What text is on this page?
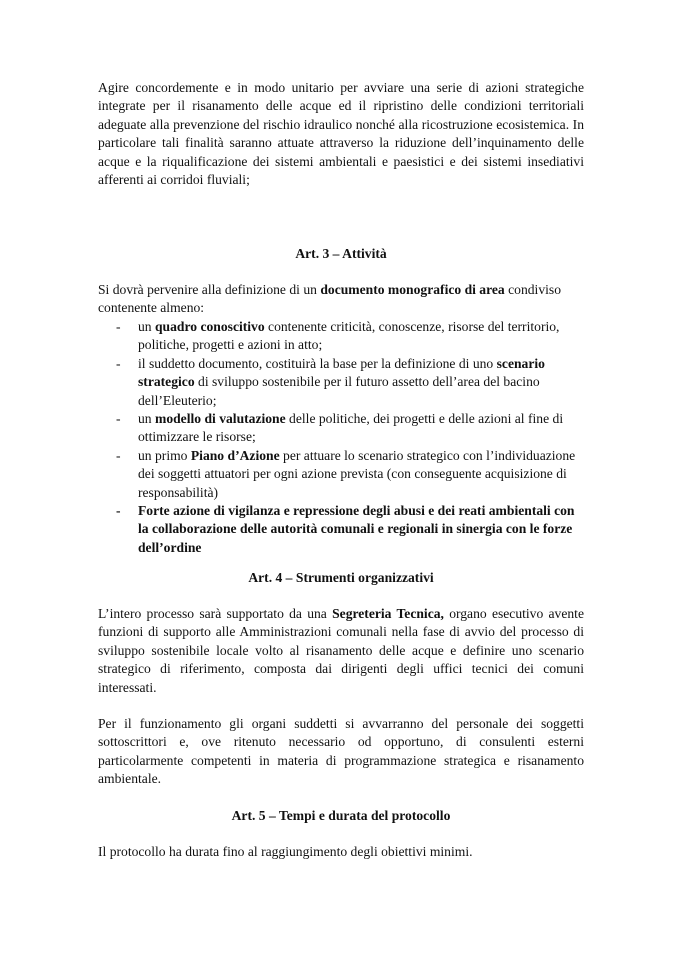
Agire concordemente e in modo unitario per avviare una serie di azioni strategiche integrate per il risanamento delle acque ed il ripristino delle condizioni territoriali adeguate alla prevenzione del rischio idraulico nonché alla ricostruzione ecosistemica. In particolare tali finalità saranno attuate attraverso la riduzione dell’inquinamento delle acque e la riqualificazione dei sistemi ambientali e paesistici e dei sistemi insediativi afferenti ai corridoi fluviali;

Art. 3 – Attività

Si dovrà pervenire alla definizione di un documento monografico di area condiviso contenente almeno:

- un quadro conoscitivo contenente criticità, conoscenze, risorse del territorio, politiche, progetti e azioni in atto;
- il suddetto documento, costituirà la base per la definizione di uno scenario strategico di sviluppo sostenibile per il futuro assetto dell’area del bacino dell’Eleuterio;
- un modello di valutazione delle politiche, dei progetti e delle azioni al fine di ottimizzare le risorse;
- un primo Piano d’Azione per attuare lo scenario strategico con l’individuazione dei soggetti attuatori per ogni azione prevista (con conseguente acquisizione di responsabilità)
- Forte azione di vigilanza e repressione degli abusi e dei reati ambientali con la collaborazione delle autorità comunali e regionali in sinergia con le forze dell’ordine

Art. 4 – Strumenti organizzativi

L’intero processo sarà supportato da una Segreteria Tecnica, organo esecutivo avente funzioni di supporto alle Amministrazioni comunali nella fase di avvio del processo di sviluppo sostenibile locale volto al risanamento delle acque e definire uno scenario strategico di riferimento, composta dai dirigenti degli uffici tecnici dei comuni interessati.

Per il funzionamento gli organi suddetti si avvarranno del personale dei soggetti sottoscrittori e, ove ritenuto necessario od opportuno, di consulenti esterni particolarmente competenti in materia di programmazione strategica e risanamento ambientale.

Art. 5 – Tempi e durata del protocollo

Il protocollo ha durata fino al raggiungimento degli obiettivi minimi.
